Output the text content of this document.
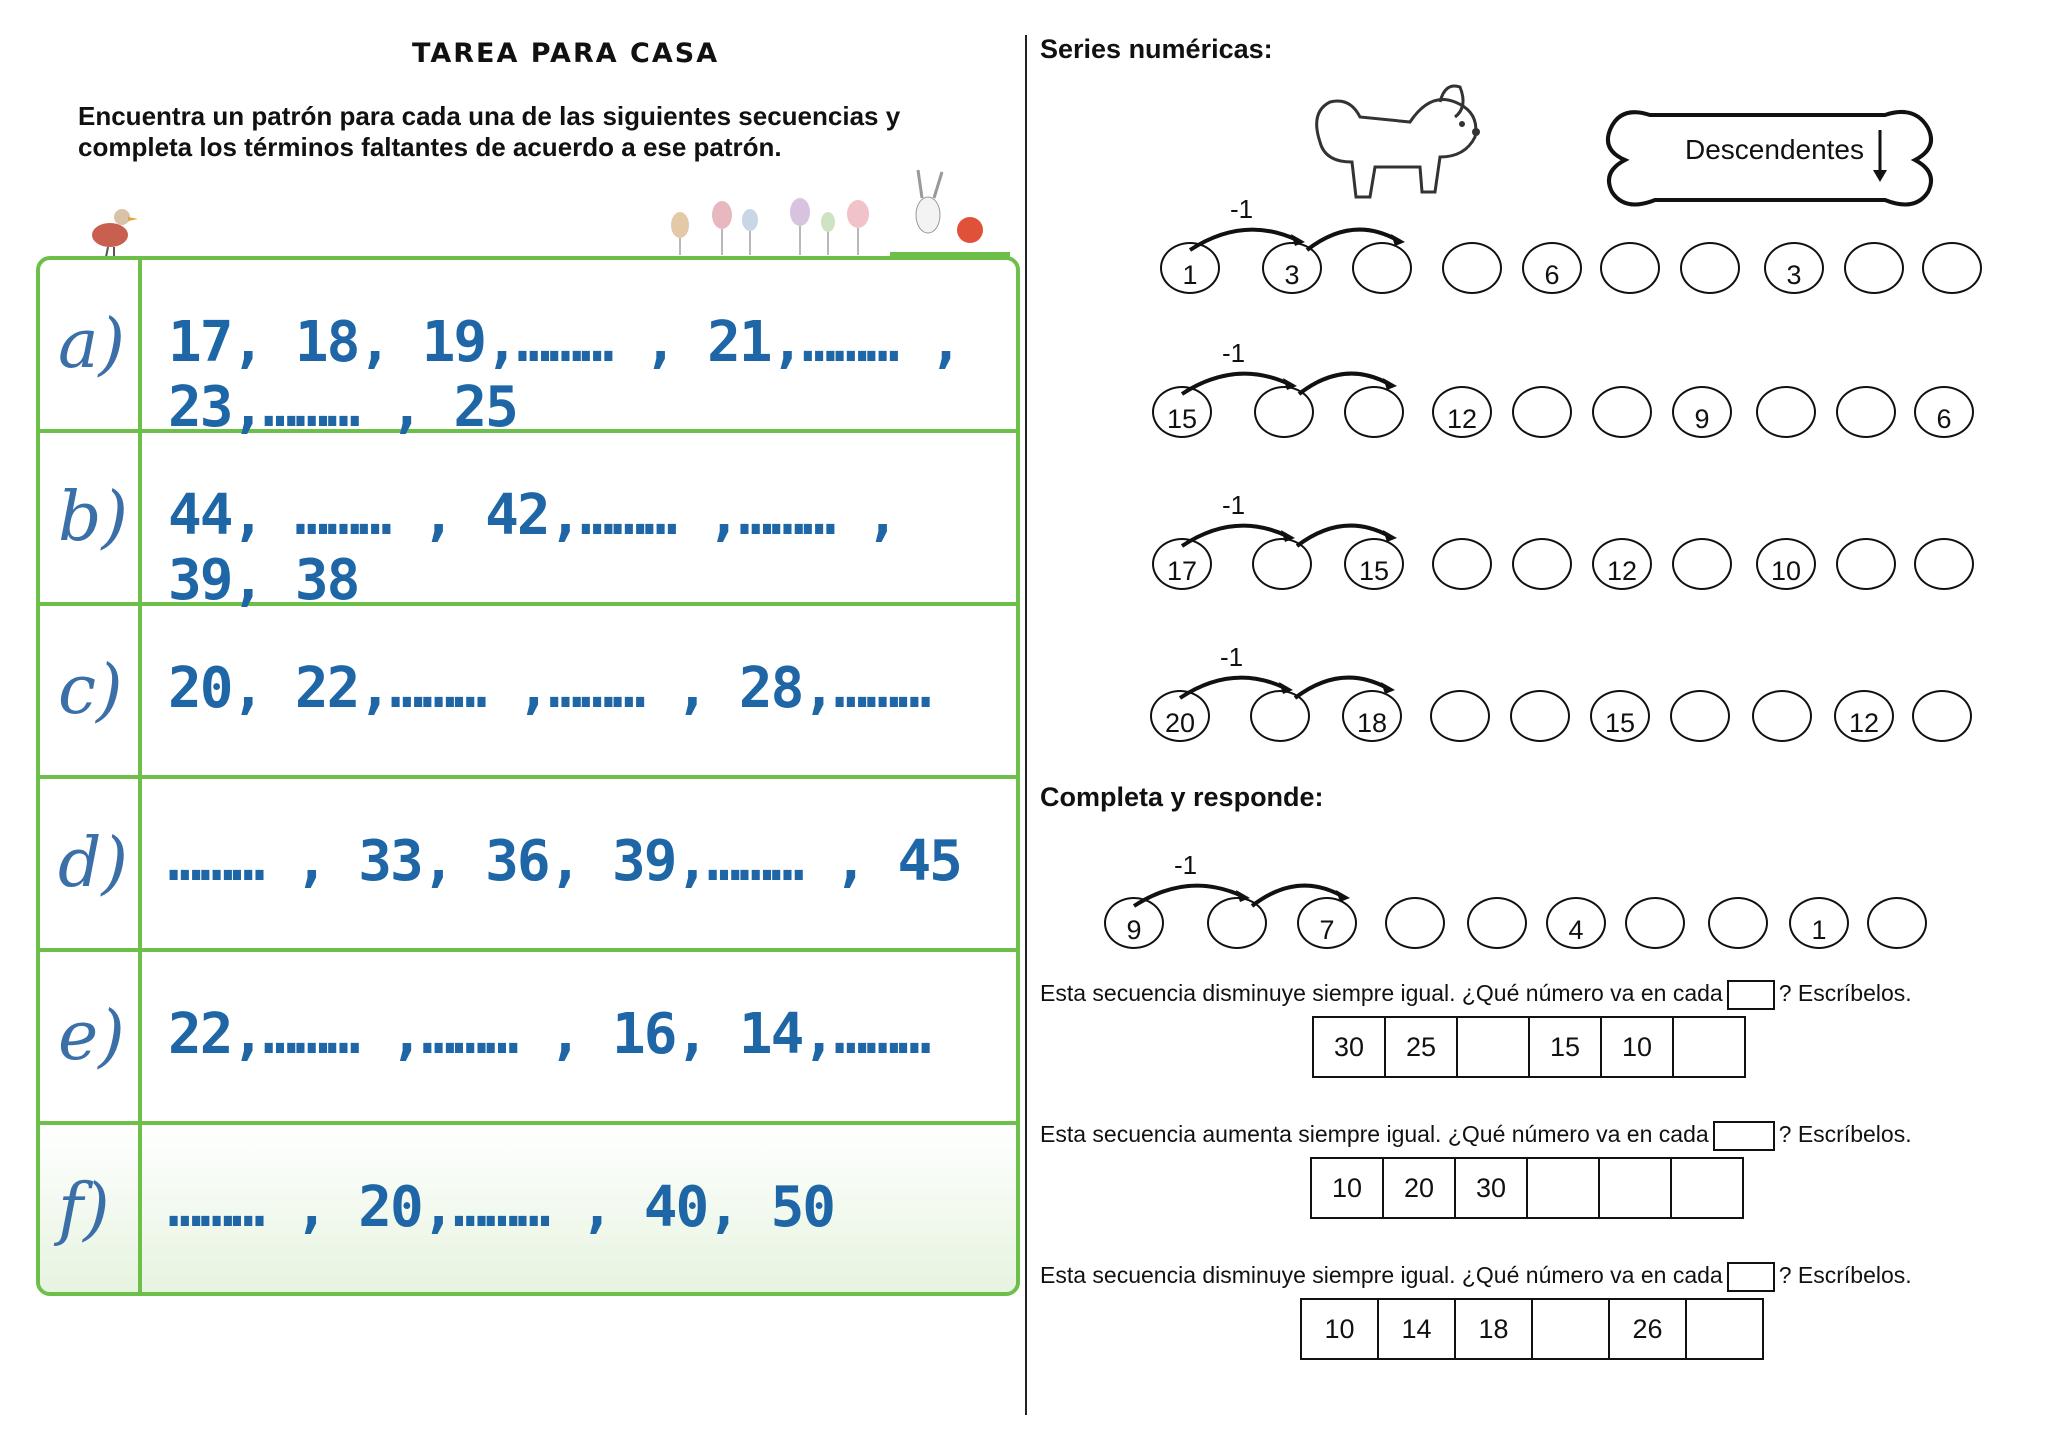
TAREA PARA CASA
Encuentra un patrón para cada una de las siguientes secuencias y
completa los términos faltantes de acuerdo a ese patrón.
a) 17, 18, 19,……… , 21,……… , 23,……… , 25
b) 44, ……… , 42,……… ,……… , 39, 38
c) 20, 22,……… ,……… , 28,………
d) ……… , 33, 36, 39,……… , 45
e) 22,……… ,……… , 16, 14,………
f) ……… , 20,……… , 40, 50
Series numéricas:
Descendentes
1	3	6	3
-1
15	12	9	6
-1
17	15	12	10
-1
20	18	15	12
-1
9	7	4	1
-1
Completa y responde:
Esta secuencia disminuye siempre igual. ¿Qué número va en cada ? Escríbelos.
30	25		15	10	
Esta secuencia aumenta siempre igual. ¿Qué número va en cada	? Escríbelos.
10	20	30			
Esta secuencia disminuye siempre igual. ¿Qué número va en cada ? Escríbelos.
10	14	18		26	
